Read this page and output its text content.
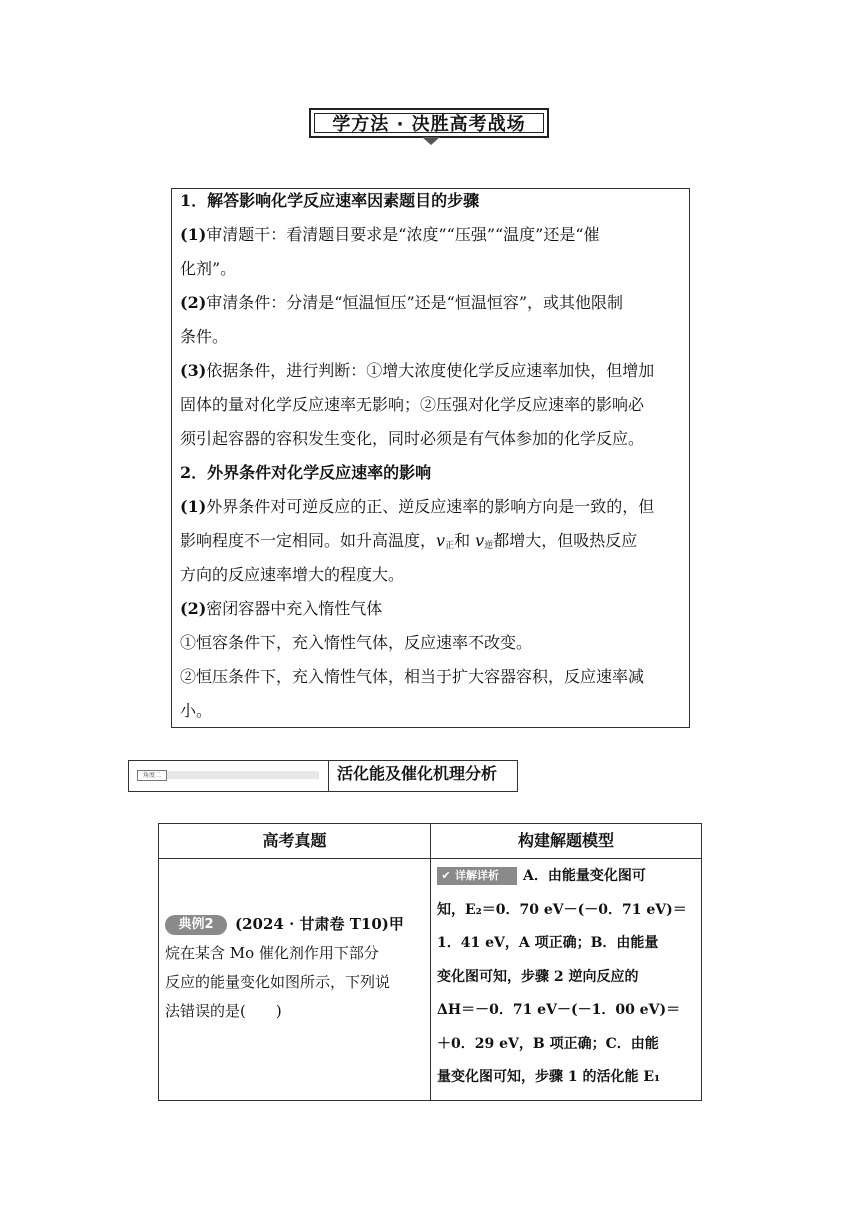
学方法 · 决胜高考战场
1．解答影响化学反应速率因素题目的步骤
(1)审清题干：看清题目要求是“浓度”“压强”“温度”还是“催
化剂”。
(2)审清条件：分清是“恒温恒压”还是“恒温恒容”，或其他限制
条件。
(3)依据条件，进行判断：①增大浓度使化学反应速率加快，但增加
固体的量对化学反应速率无影响；②压强对化学反应速率的影响必
须引起容器的容积发生变化，同时必须是有气体参加的化学反应。
2．外界条件对化学反应速率的影响
(1)外界条件对可逆反应的正、逆反应速率的影响方向是一致的，但
影响程度不一定相同。如升高温度，$v_正$和 $v_逆$都增大，但吸热反应
方向的反应速率增大的程度大。
(2)密闭容器中充入惰性气体
①恒容条件下，充入惰性气体，反应速率不改变。
②恒压条件下，充入惰性气体，相当于扩大容器容积，反应速率减
小。
角度二	活化能及催化机理分析
高考真题	构建解题模型
典例2 (2024 · 甘肃卷 T10)甲
烷在某含 Mo 催化剂作用下部分
反应的能量变化如图所示，下列说
法错误的是(　　)
✔ 详解详析 A．由能量变化图可
知，E₂＝0．70 eV－(－0．71 eV)＝
1．41 eV，A 项正确；B．由能量
变化图可知，步骤 2 逆向反应的
ΔH＝－0．71 eV－(－1．00 eV)＝
＋0．29 eV，B 项正确；C．由能
量变化图可知，步骤 1 的活化能 E₁
